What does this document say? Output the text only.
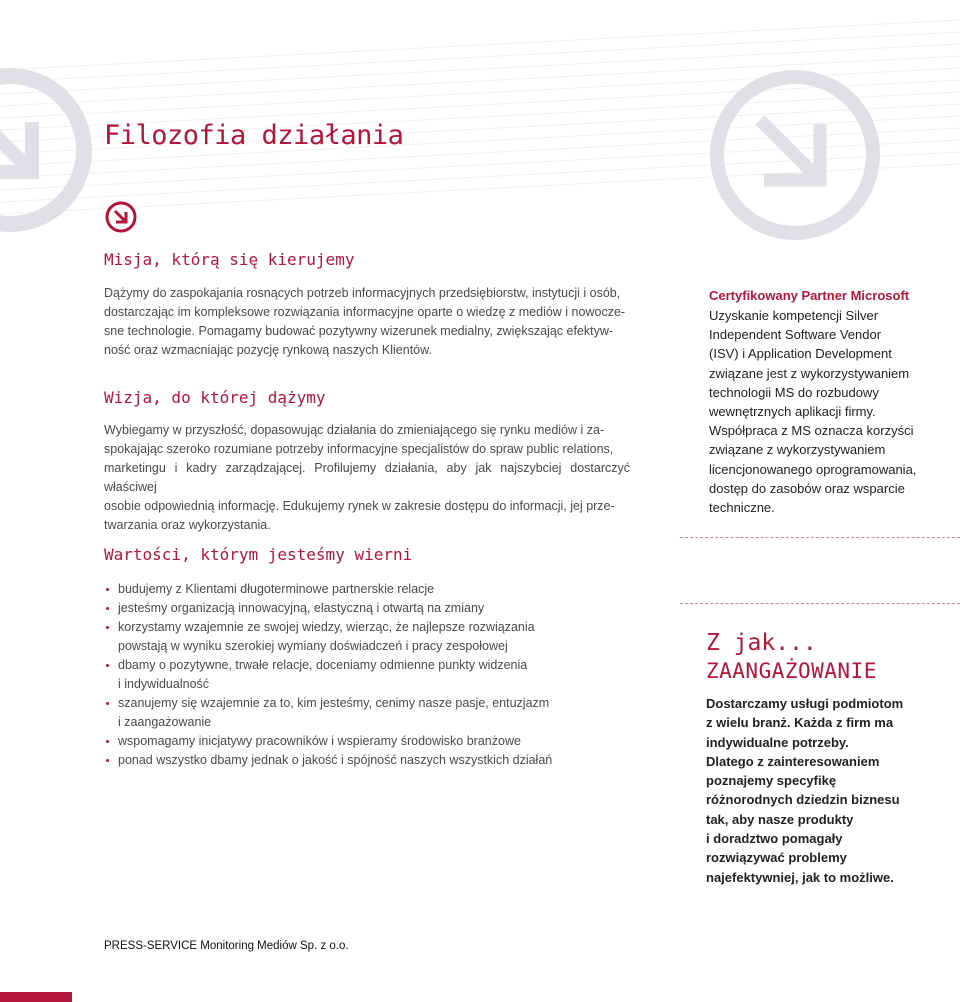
Filozofia działania
Misja, którą się kierujemy
Dążymy do zaspokajania rosnących potrzeb informacyjnych przedsiębiorstw, instytucji i osób,
dostarczając im kompleksowe rozwiązania informacyjne oparte o wiedzę z mediów i nowocze-
sne technologie. Pomagamy budować pozytywny wizerunek medialny, zwiększając efektyw-
ność oraz wzmacniając pozycję rynkową naszych Klientów.
Wizja, do której dążymy
Wybiegamy w przyszłość, dopasowując działania do zmieniającego się rynku mediów i za-
spokajając szeroko rozumiane potrzeby informacyjne specjalistów do spraw public relations,
marketingu i kadry zarządzającej. Profilujemy działania, aby jak najszybciej dostarczyć właściwej
osobie odpowiednią informację. Edukujemy rynek w zakresie dostępu do informacji, jej prze-
twarzania oraz wykorzystania.
Wartości, którym jesteśmy wierni
budujemy z Klientami długoterminowe partnerskie relacje
jesteśmy organizacją innowacyjną, elastyczną i otwartą na zmiany
korzystamy wzajemnie ze swojej wiedzy, wierząc, że najlepsze rozwiązania
powstają w wyniku szerokiej wymiany doświadczeń i pracy zespołowej
dbamy o pozytywne, trwałe relacje, doceniamy odmienne punkty widzenia
i indywidualność
szanujemy się wzajemnie za to, kim jesteśmy, cenimy nasze pasje, entuzjazm
i zaangażowanie
wspomagamy inicjatywy pracowników i wspieramy środowisko branżowe
ponad wszystko dbamy jednak o jakość i spójność naszych wszystkich działań
Certyfikowany Partner Microsoft
Uzyskanie kompetencji Silver
Independent Software Vendor
(ISV) i Application Development
związane jest z wykorzystywaniem
technologii MS do rozbudowy
wewnętrznych aplikacji firmy.
Współpraca z MS oznacza korzyści
związane z wykorzystywaniem
licencjonowanego oprogramowania,
dostęp do zasobów oraz wsparcie
techniczne.
Z jak...
ZAANGAŻOWANIE
Dostarczamy usługi podmiotom
z wielu branż. Każda z firm ma
indywidualne potrzeby.
Dlatego z zainteresowaniem
poznajemy specyfikę
różnorodnych dziedzin biznesu
tak, aby nasze produkty
i doradztwo pomagały
rozwiązywać problemy
najefektywniej, jak to możliwe.

PRESS-SERVICE Monitoring Mediów Sp. z o.o.
